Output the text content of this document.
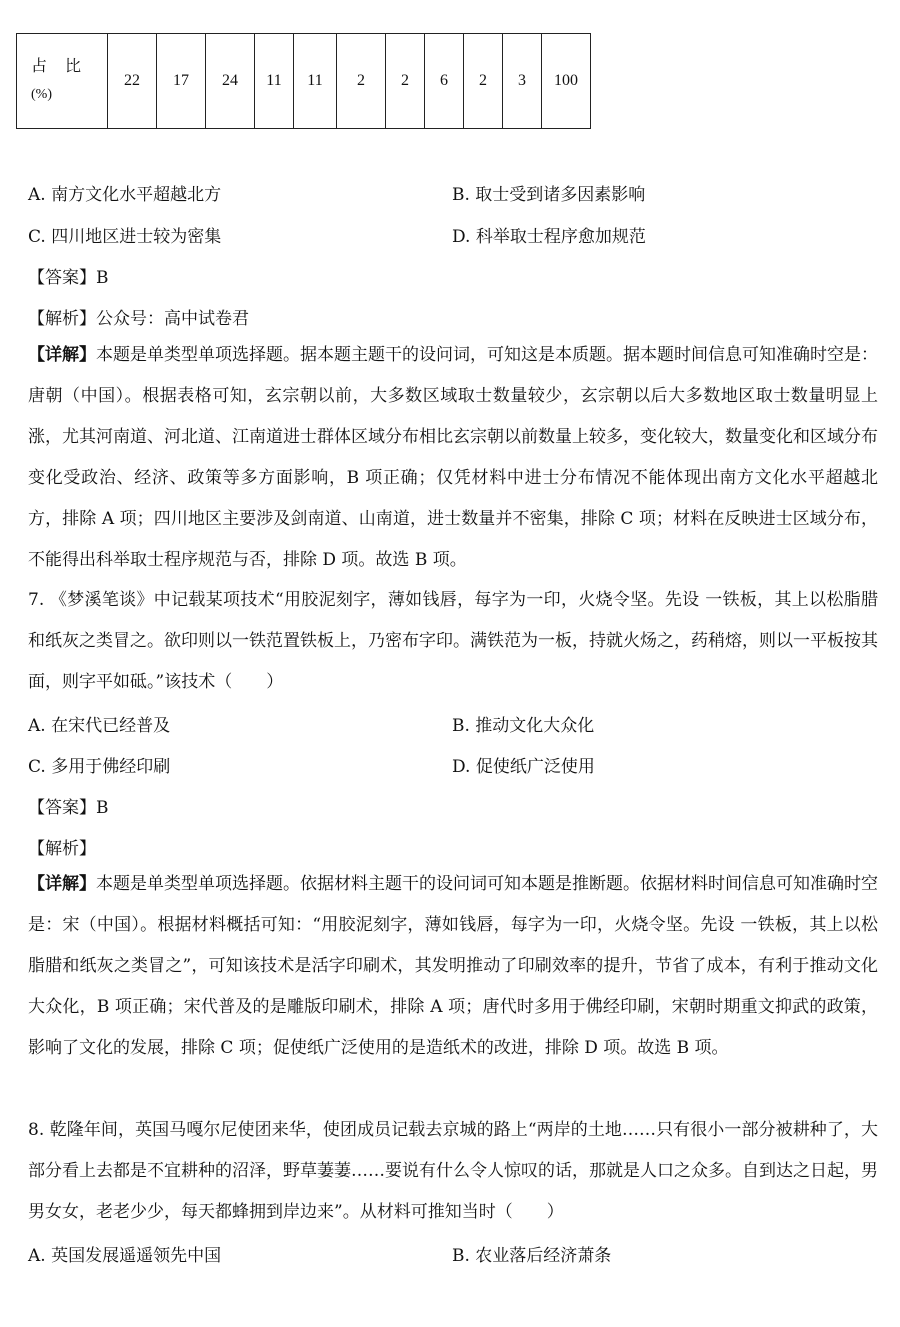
占比
(%)
	22	17	24	11	11	2	2	6	2	3	100
A. 南方文化水平超越北方	B. 取士受到诸多因素影响
C. 四川地区进士较为密集	D. 科举取士程序愈加规范
【答案】B
【解析】公众号：高中试卷君
【详解】本题是单类型单项选择题。据本题主题干的设问词，可知这是本质题。据本题时间信息可知准确时空是：唐朝（中国）。根据表格可知，玄宗朝以前，大多数区域取士数量较少，玄宗朝以后大多数地区取士数量明显上涨，尤其河南道、河北道、江南道进士群体区域分布相比玄宗朝以前数量上较多，变化较大，数量变化和区域分布变化受政治、经济、政策等多方面影响，B 项正确；仅凭材料中进士分布情况不能体现出南方文化水平超越北方，排除 A 项；四川地区主要涉及剑南道、山南道，进士数量并不密集，排除 C 项；材料在反映进士区域分布，不能得出科举取士程序规范与否，排除 D 项。故选 B 项。
7. 《梦溪笔谈》中记载某项技术“用胶泥刻字，薄如钱唇，每字为一印，火烧令坚。先设 一铁板，其上以松脂腊和纸灰之类冒之。欲印则以一铁范置铁板上，乃密布字印。满铁范为一板，持就火炀之，药稍熔，则以一平板按其面，则字平如砥。”该技术（　　）
A. 在宋代已经普及	B. 推动文化大众化
C. 多用于佛经印刷	D. 促使纸广泛使用
【答案】B
【解析】
【详解】本题是单类型单项选择题。依据材料主题干的设问词可知本题是推断题。依据材料时间信息可知准确时空是：宋（中国）。根据材料概括可知：“用胶泥刻字，薄如钱唇，每字为一印，火烧令坚。先设 一铁板，其上以松脂腊和纸灰之类冒之”，可知该技术是活字印刷术，其发明推动了印刷效率的提升，节省了成本，有利于推动文化大众化，B 项正确；宋代普及的是雕版印刷术，排除 A 项；唐代时多用于佛经印刷，宋朝时期重文抑武的政策，影响了文化的发展，排除 C 项；促使纸广泛使用的是造纸术的改进，排除 D 项。故选 B 项。
8. 乾隆年间，英国马嘎尔尼使团来华，使团成员记载去京城的路上“两岸的土地……只有很小一部分被耕种了，大部分看上去都是不宜耕种的沼泽，野草萋萋……要说有什么令人惊叹的话，那就是人口之众多。自到达之日起，男男女女，老老少少，每天都蜂拥到岸边来”。从材料可推知当时（　　）
A. 英国发展遥遥领先中国	B. 农业落后经济萧条
